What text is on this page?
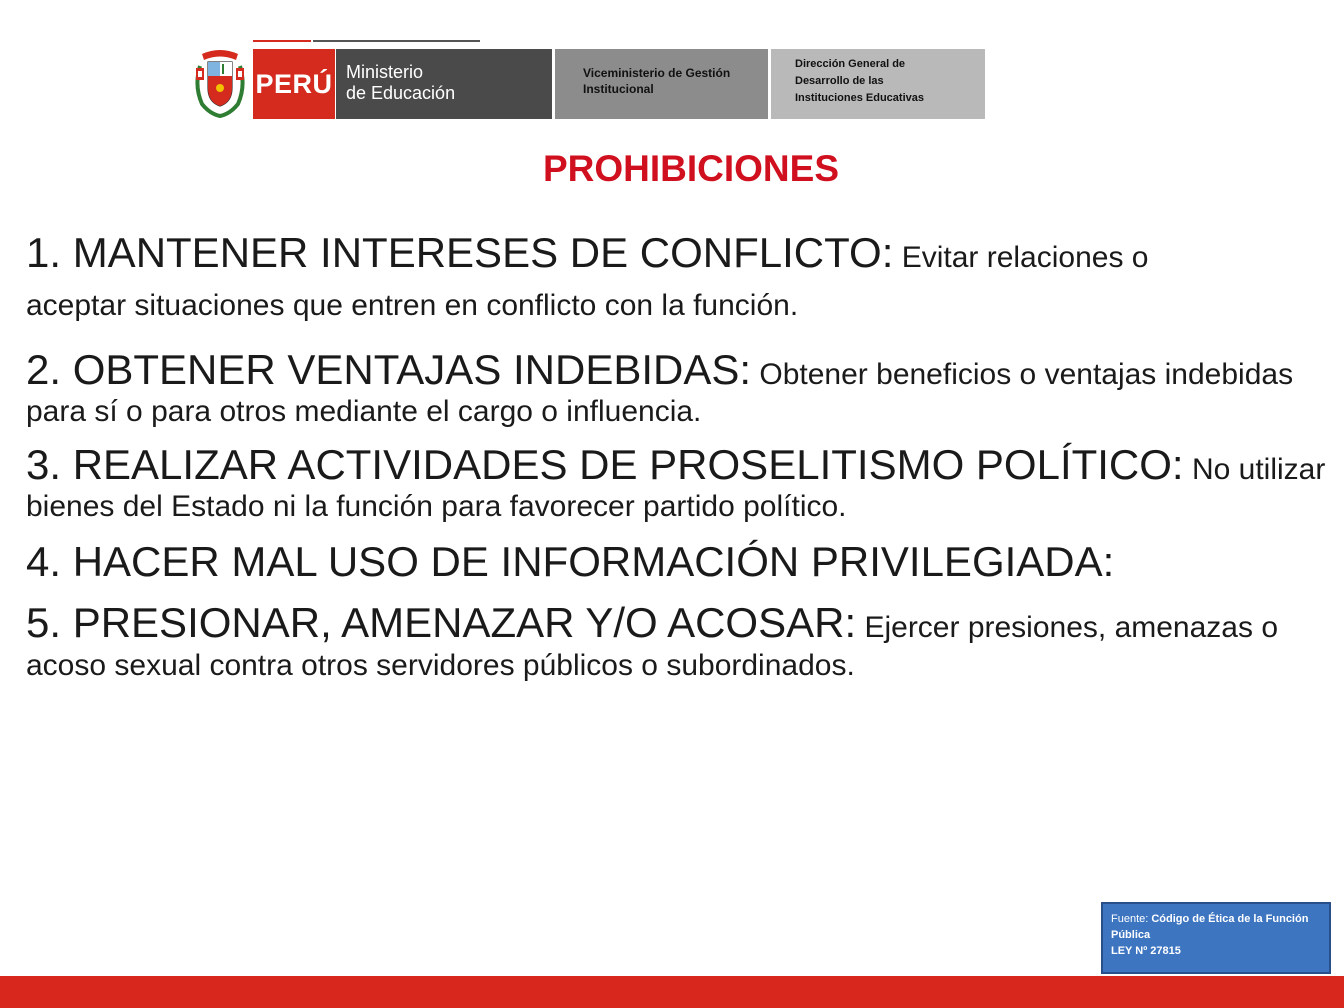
PERÚ Ministerio
de Educación
Viceministerio de Gestión
Institucional
Dirección General de
Desarrollo de las
Instituciones Educativas
PROHIBICIONES

1. MANTENER INTERESES DE CONFLICTO: Evitar relaciones o
aceptar situaciones que entren en conflicto con la función.

2. OBTENER VENTAJAS INDEBIDAS: Obtener beneficios o ventajas indebidas para sí o para otros mediante el cargo o influencia.

3. REALIZAR ACTIVIDADES DE PROSELITISMO POLÍTICO: No utilizar bienes del Estado ni la función para favorecer partido político.

4. HACER MAL USO DE INFORMACIÓN PRIVILEGIADA:

5. PRESIONAR, AMENAZAR Y/O ACOSAR: Ejercer presiones, amenazas o acoso sexual contra otros servidores públicos o subordinados.

Fuente: Código de Ética de la Función Pública
LEY Nº 27815
